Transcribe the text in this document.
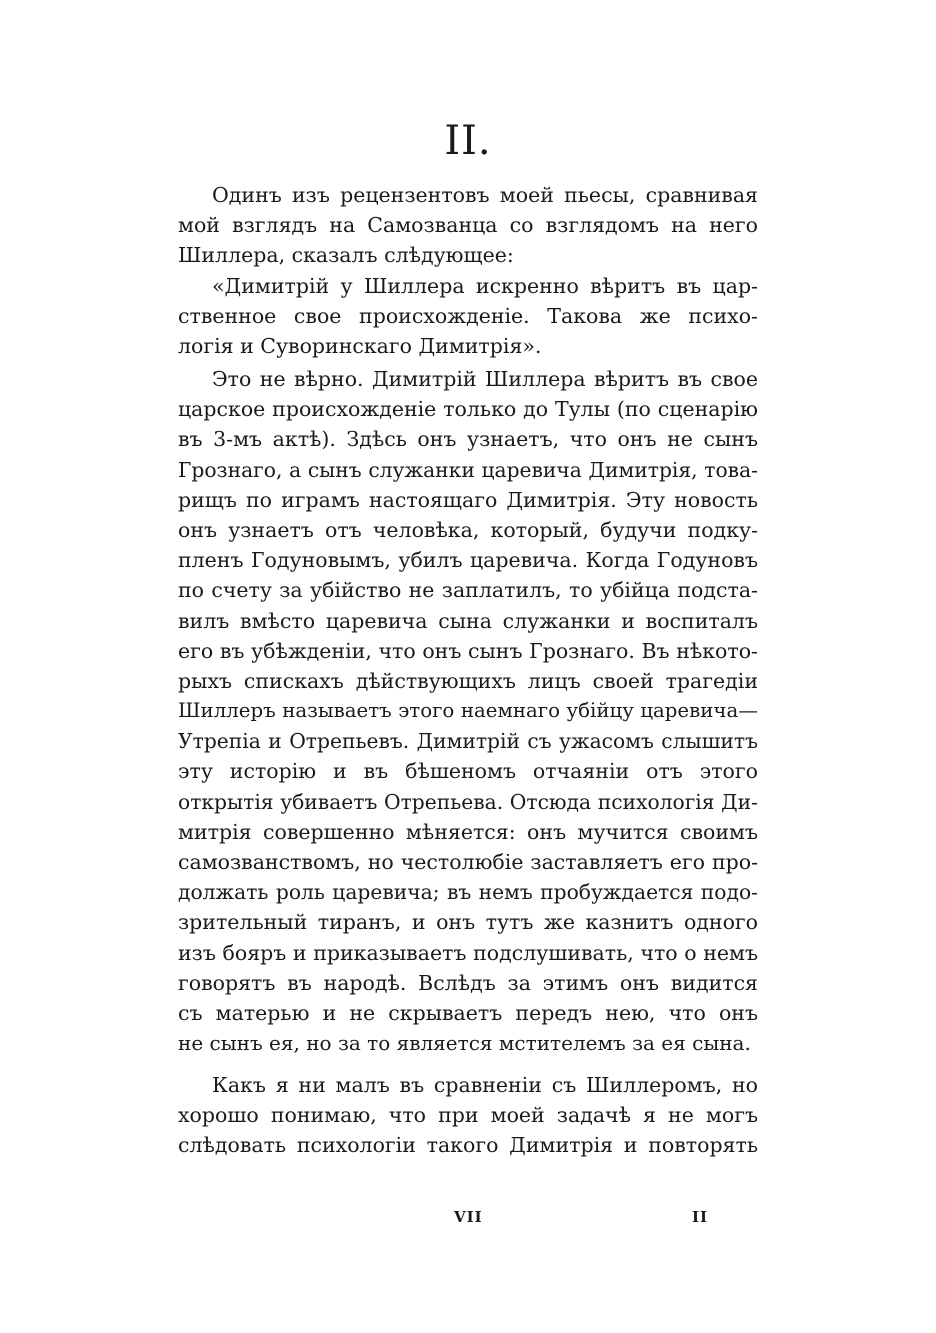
II.
Одинъ изъ рецензентовъ моей пьесы, сравнивая
мой взглядъ на Самозванца со взглядомъ на него
Шиллера, сказалъ слѣдующее:
«Димитрій у Шиллера искренно вѣритъ въ цар-
ственное свое происхожденіе. Такова же психо-
логія и Суворинскаго Димитрія».
Это не вѣрно. Димитрій Шиллера вѣритъ въ свое
царское происхожденіе только до Тулы (по сценарію
въ 3-мъ актѣ). Здѣсь онъ узнаетъ, что онъ не сынъ
Грознаго, а сынъ служанки царевича Димитрія, това-
рищъ по играмъ настоящаго Димитрія. Эту новость
онъ узнаетъ отъ человѣка, который, будучи подку-
пленъ Годуновымъ, убилъ царевича. Когда Годуновъ
по счету за убійство не заплатилъ, то убійца подста-
вилъ вмѣсто царевича сына служанки и воспиталъ
его въ убѣжденіи, что онъ сынъ Грознаго. Въ нѣкото-
рыхъ спискахъ дѣйствующихъ лицъ своей трагедіи
Шиллеръ называетъ этого наемнаго убійцу царевича—
Утрепіа и Отрепьевъ. Димитрій съ ужасомъ слышитъ
эту исторію и въ бѣшеномъ отчаяніи отъ этого
открытія убиваетъ Отрепьева. Отсюда психологія Ди-
митрія совершенно мѣняется: онъ мучится своимъ
самозванствомъ, но честолюбіе заставляетъ его про-
должать роль царевича; въ немъ пробуждается подо-
зрительный тиранъ, и онъ тутъ же казнитъ одного
изъ бояръ и приказываетъ подслушивать, что о немъ
говорятъ въ народѣ. Вслѣдъ за этимъ онъ видится
съ матерью и не скрываетъ передъ нею, что онъ
не сынъ ея, но за то является мстителемъ за ея сына.
Какъ я ни малъ въ сравненіи съ Шиллеромъ, но
хорошо понимаю, что при моей задачѣ я не могъ
слѣдовать психологіи такого Димитрія и повторять
VII	II
